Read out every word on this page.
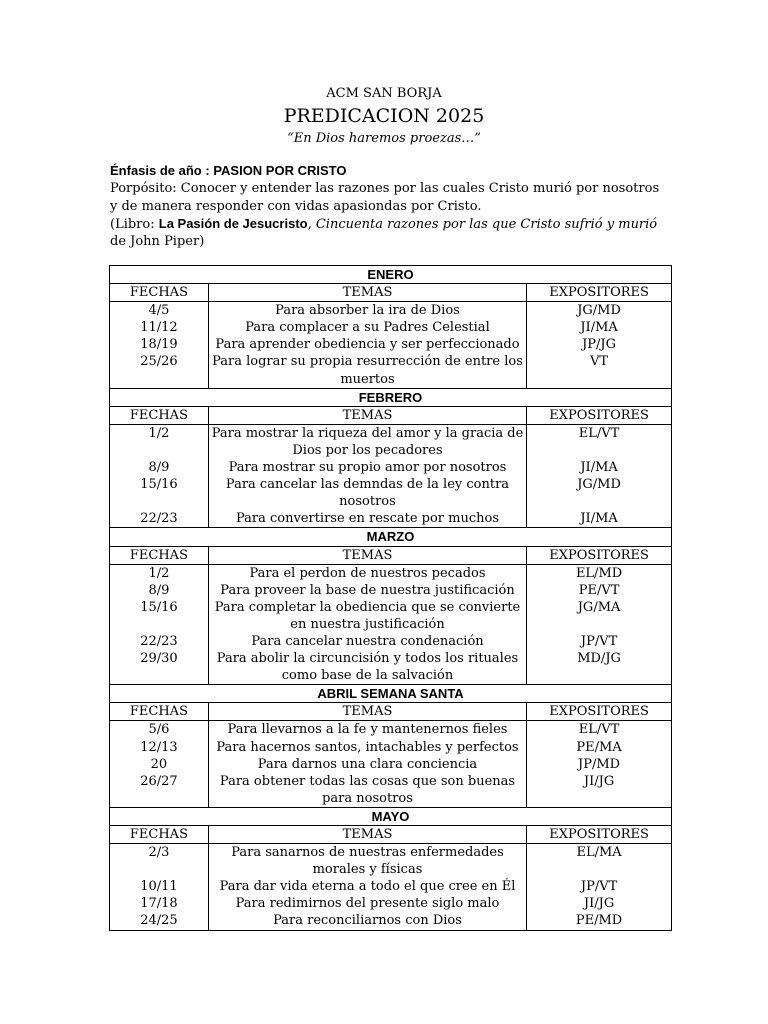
ACM SAN BORJA
PREDICACION 2025
“En Dios haremos proezas…”

Énfasis de año : PASION POR CRISTO

Porpósito: Conocer y entender las razones por las cuales Cristo murió por nosotros y de manera responder con vidas apasiondas por Cristo.

(Libro: La Pasión de Jesucristo, Cincuenta razones por las que Cristo sufrió y murió de John Piper)

ENERO		
FECHAS	TEMAS	EXPOSITORES
4/5	Para absorber la ira de Dios	JG/MD
11/12	Para complacer a su Padres Celestial	JI/MA
18/19	Para aprender obediencia y ser perfeccionado	JP/JG
25/26	Para lograr su propia resurrección de entre los muertos	VT
FEBRERO		
FECHAS	TEMAS	EXPOSITORES
1/2	Para mostrar la riqueza del amor y la gracia de Dios por los pecadores	EL/VT
8/9	Para mostrar su propio amor por nosotros	JI/MA
15/16	Para cancelar las demndas de la ley contra nosotros	JG/MD
22/23	Para convertirse en rescate por muchos	JI/MA
MARZO		
FECHAS	TEMAS	EXPOSITORES
1/2	Para el perdon de nuestros pecados	EL/MD
8/9	Para proveer la base de nuestra justificación	PE/VT
15/16	Para completar la obediencia que se convierte en nuestra justificación	JG/MA
22/23	Para cancelar nuestra condenación	JP/VT
29/30	Para abolir la circuncisión y todos los rituales como base de la salvación	MD/JG
ABRIL SEMANA SANTA		
FECHAS	TEMAS	EXPOSITORES
5/6	Para llevarnos a la fe y mantenernos fieles	EL/VT
12/13	Para hacernos santos, intachables y perfectos	PE/MA
20	Para darnos una clara conciencia	JP/MD
26/27	Para obtener todas las cosas que son buenas para nosotros	JI/JG
MAYO		
FECHAS	TEMAS	EXPOSITORES
2/3	Para sanarnos de nuestras enfermedades morales y físicas	EL/MA
10/11	Para dar vida eterna a todo el que cree en Él	JP/VT
17/18	Para redimirnos del presente siglo malo	JI/JG
24/25	Para reconciliarnos con Dios	PE/MD
